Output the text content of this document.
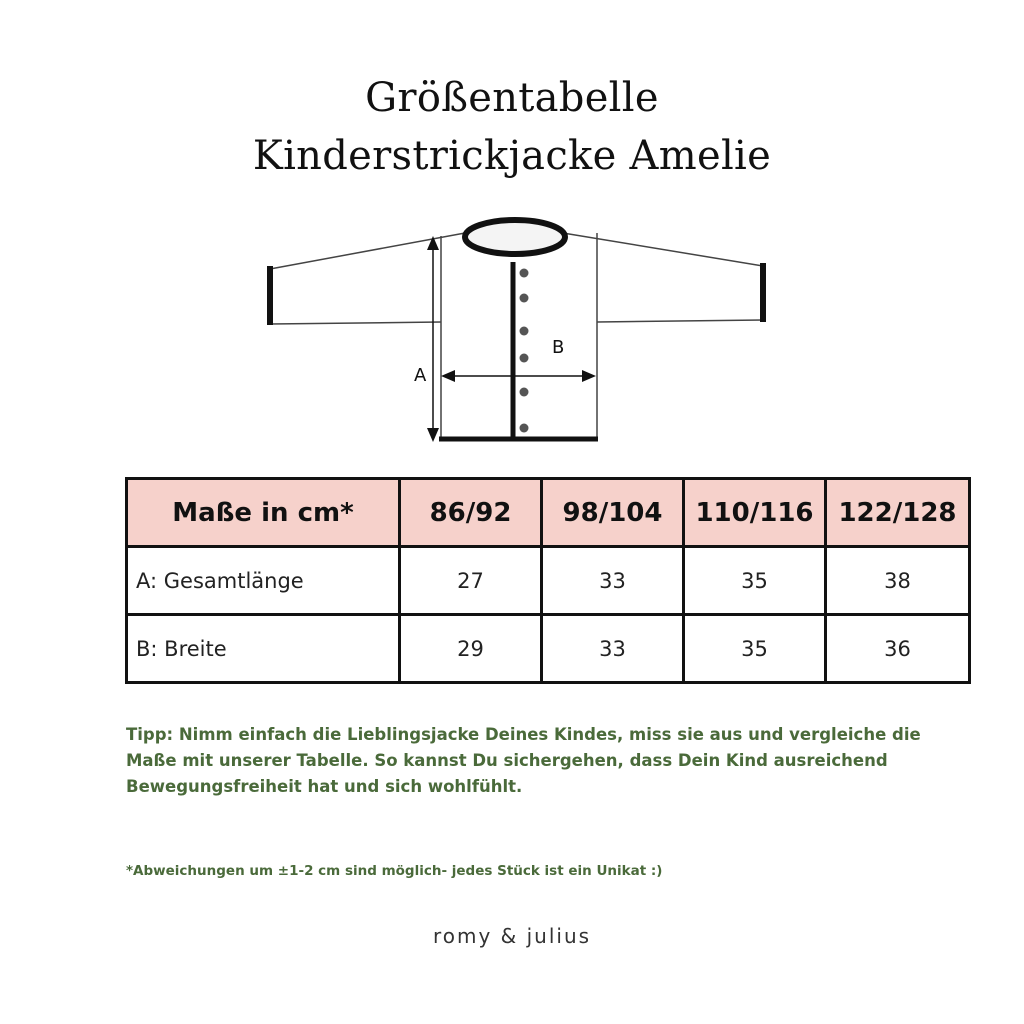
Größentabelle
Kinderstrickjacke Amelie
A
B
Maße in cm*	86/92	98/104	110/116	122/128
A: Gesamtlänge	27	33	35	38
B: Breite	29	33	35	36
Tipp: Nimm einfach die Lieblingsjacke Deines Kindes, miss sie aus und vergleiche die Maße mit unserer Tabelle. So kannst Du sichergehen, dass Dein Kind ausreichend Bewegungsfreiheit hat und sich wohlfühlt.
*Abweichungen um ±1-2 cm sind möglich- jedes Stück ist ein Unikat :)
romy & julius
